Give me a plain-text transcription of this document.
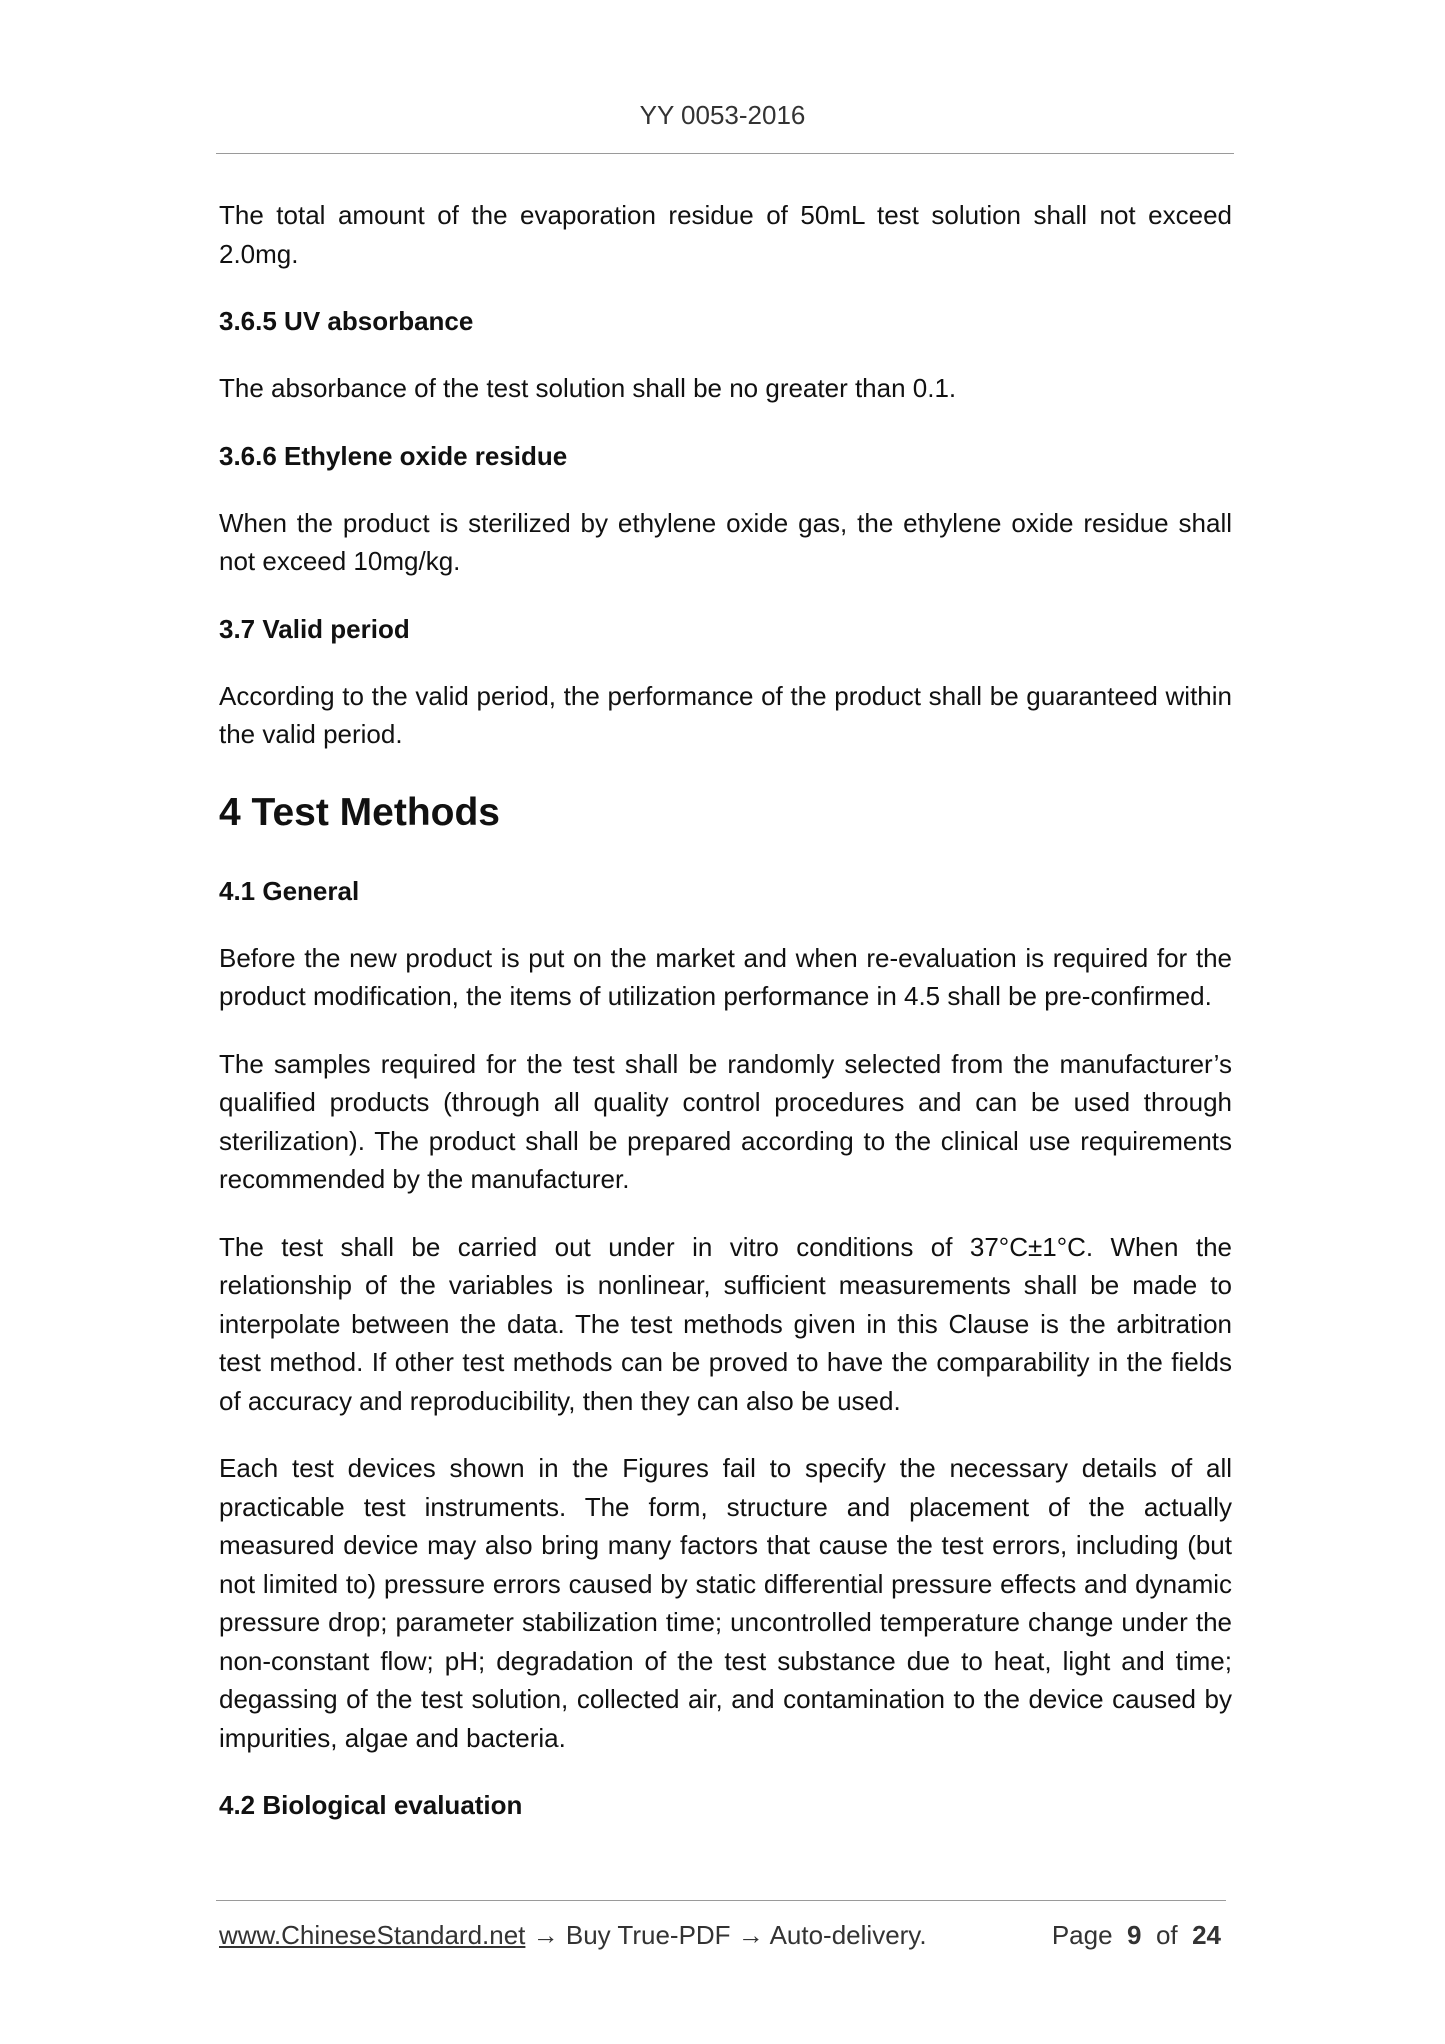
YY 0053-2016

The total amount of the evaporation residue of 50mL test solution shall not exceed 2.0mg.

3.6.5 UV absorbance

The absorbance of the test solution shall be no greater than 0.1.

3.6.6 Ethylene oxide residue

When the product is sterilized by ethylene oxide gas, the ethylene oxide residue shall not exceed 10mg/kg.

3.7 Valid period

According to the valid period, the performance of the product shall be guaranteed within the valid period.

4 Test Methods

4.1 General

Before the new product is put on the market and when re-evaluation is required for the product modification, the items of utilization performance in 4.5 shall be pre-confirmed.

The samples required for the test shall be randomly selected from the manufacturer’s qualified products (through all quality control procedures and can be used through sterilization). The product shall be prepared according to the clinical use requirements recommended by the manufacturer.

The test shall be carried out under in vitro conditions of 37°C±1°C. When the relationship of the variables is nonlinear, sufficient measurements shall be made to interpolate between the data. The test methods given in this Clause is the arbitration test method. If other test methods can be proved to have the comparability in the fields of accuracy and reproducibility, then they can also be used.

Each test devices shown in the Figures fail to specify the necessary details of all practicable test instruments. The form, structure and placement of the actually measured device may also bring many factors that cause the test errors, including (but not limited to) pressure errors caused by static differential pressure effects and dynamic pressure drop; parameter stabilization time; uncontrolled temperature change under the non-constant flow; pH; degradation of the test substance due to heat, light and time; degassing of the test solution, collected air, and contamination to the device caused by impurities, algae and bacteria.

4.2 Biological evaluation

www.ChineseStandard.net → Buy True-PDF → Auto-delivery.	Page 9 of 24
